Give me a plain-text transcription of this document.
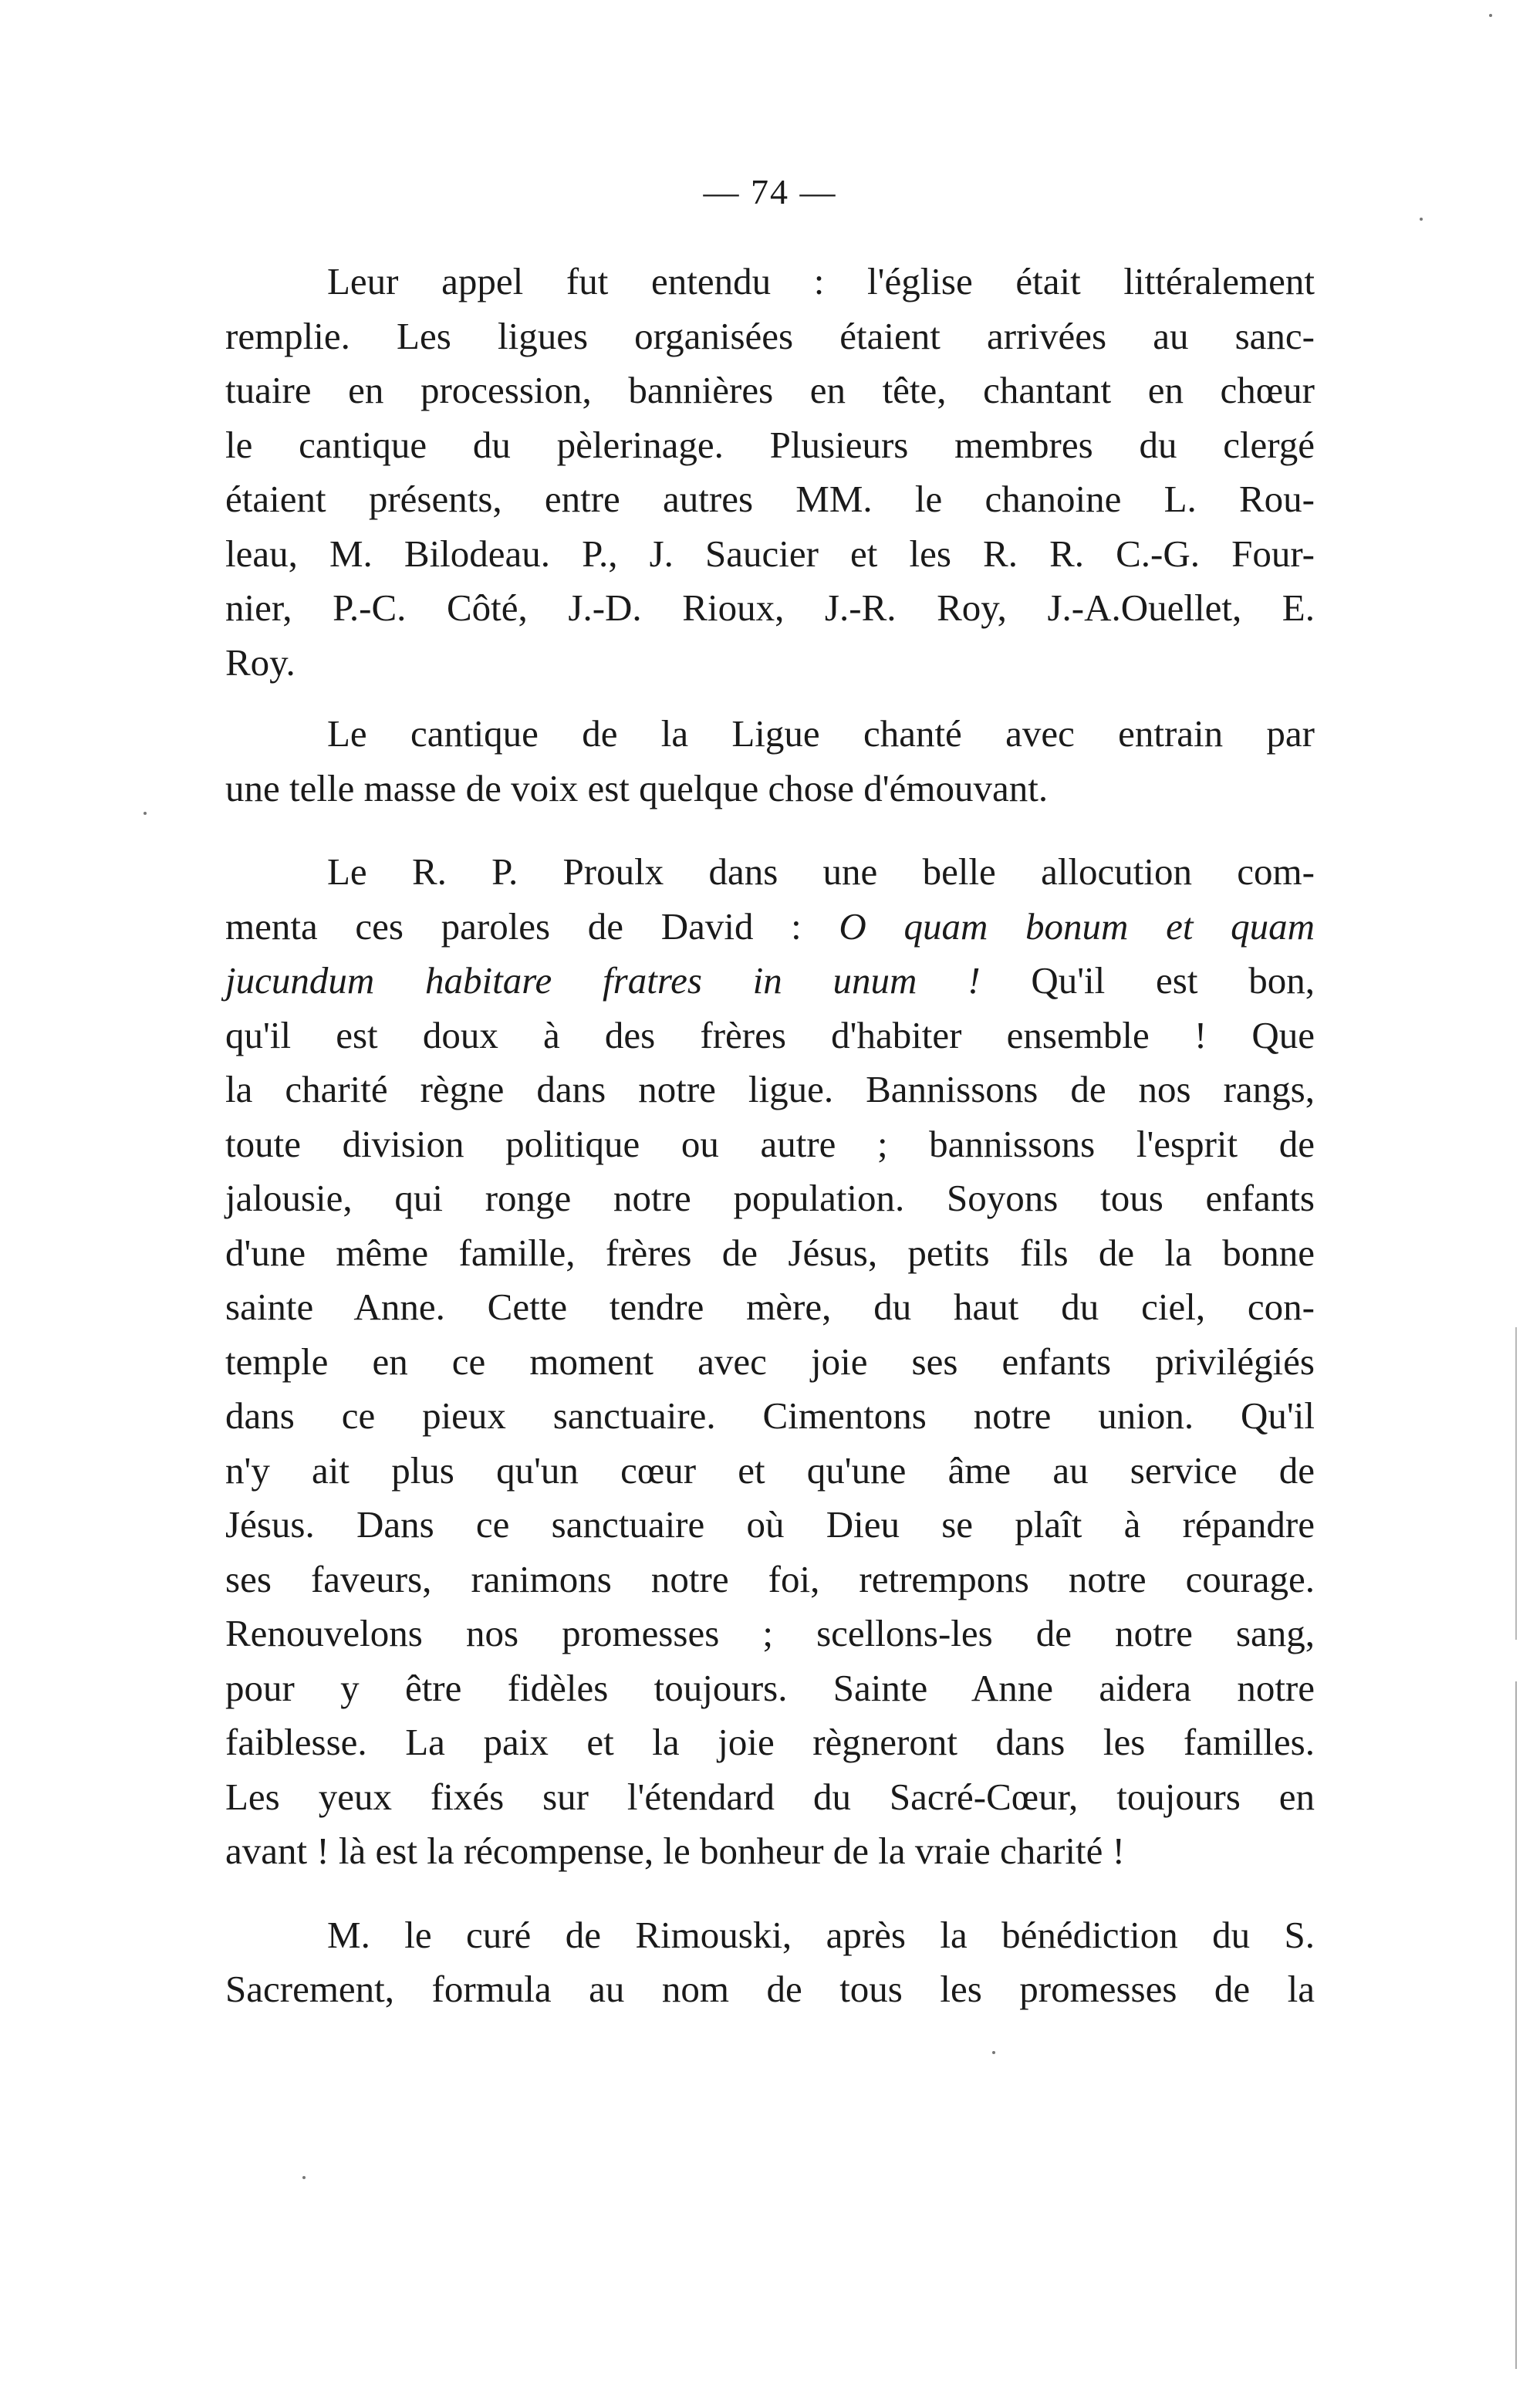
— 74 —
Leur appel fut entendu : l'église était littéralement
remplie. Les ligues organisées étaient arrivées au sanc-
tuaire en procession, bannières en tête, chantant en chœur
le cantique du pèlerinage. Plusieurs membres du clergé
étaient présents, entre autres MM. le chanoine L. Rou-
leau, M. Bilodeau. P., J. Saucier et les R. R. C.-G. Four-
nier, P.-C. Côté, J.-D. Rioux, J.-R. Roy, J.-A.Ouellet, E.
Roy.
Le cantique de la Ligue chanté avec entrain par
une telle masse de voix est quelque chose d'émouvant.
Le R. P. Proulx dans une belle allocution com-
menta ces paroles de David : O quam bonum et quam
jucundum habitare fratres in unum ! Qu'il est bon,
qu'il est doux à des frères d'habiter ensemble ! Que
la charité règne dans notre ligue. Bannissons de nos rangs,
toute division politique ou autre ; bannissons l'esprit de
jalousie, qui ronge notre population. Soyons tous enfants
d'une même famille, frères de Jésus, petits fils de la bonne
sainte Anne. Cette tendre mère, du haut du ciel, con-
temple en ce moment avec joie ses enfants privilégiés
dans ce pieux sanctuaire. Cimentons notre union. Qu'il
n'y ait plus qu'un cœur et qu'une âme au service de
Jésus. Dans ce sanctuaire où Dieu se plaît à répandre
ses faveurs, ranimons notre foi, retrempons notre courage.
Renouvelons nos promesses ; scellons-les de notre sang,
pour y être fidèles toujours. Sainte Anne aidera notre
faiblesse. La paix et la joie règneront dans les familles.
Les yeux fixés sur l'étendard du Sacré-Cœur, toujours en
avant ! là est la récompense, le bonheur de la vraie charité !
M. le curé de Rimouski, après la bénédiction du S.
Sacrement, formula au nom de tous les promesses de la
